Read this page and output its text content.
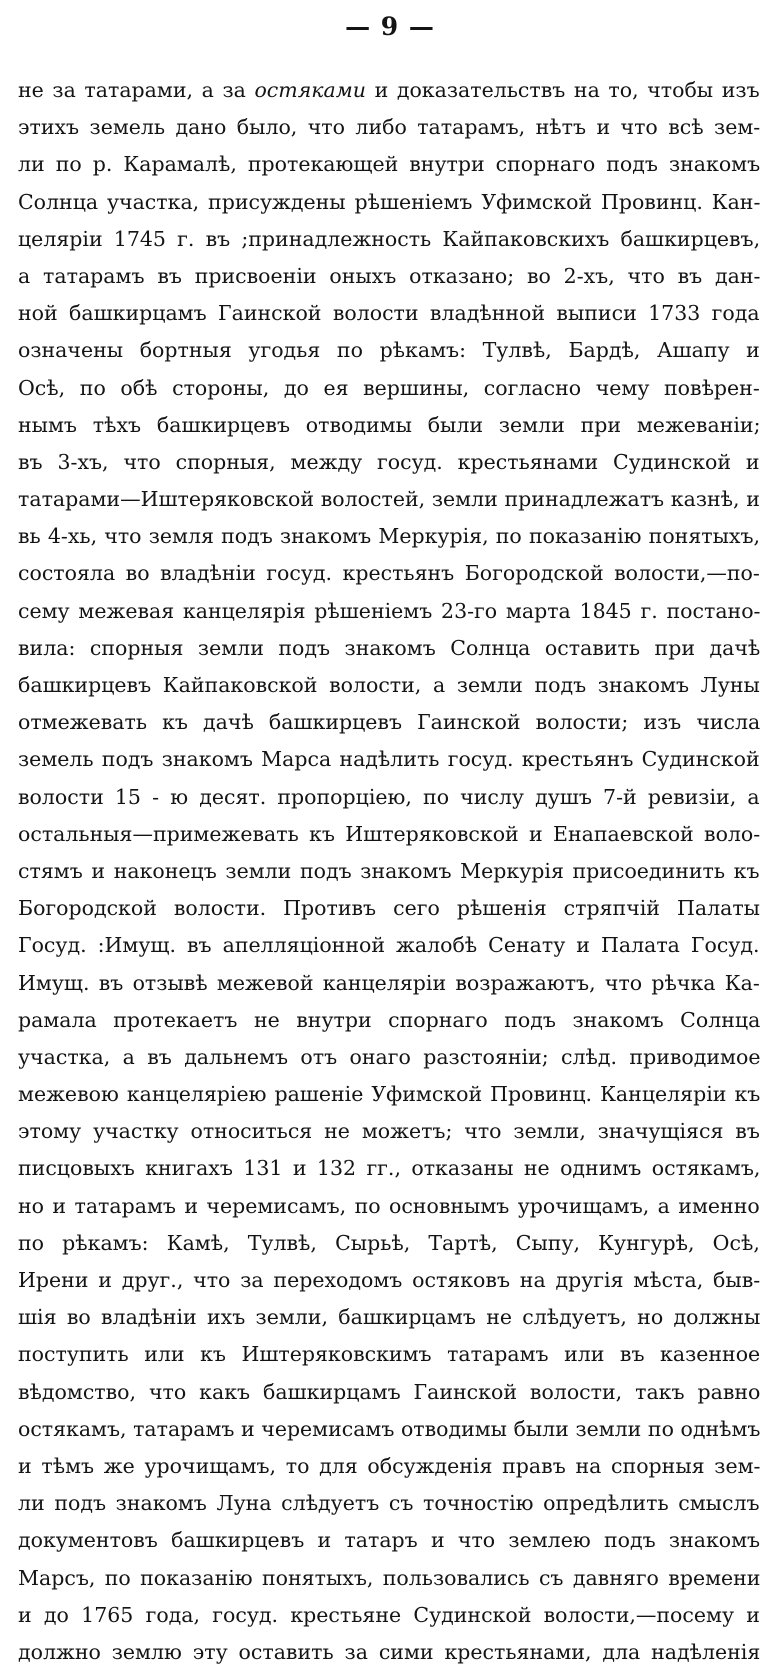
— 9 —
не за татарами, а за остяками и доказательствъ на то, чтобы изъ
этихъ земель дано было, что либо татарамъ, нѣтъ и что всѣ зем-
ли по р. Карамалѣ, протекающей внутри спорнаго подъ знакомъ
Солнца участка, присуждены рѣшеніемъ Уфимской Провинц. Кан-
целяріи 1745 г. въ ;принадлежность Кайпаковскихъ башкирцевъ,
а татарамъ въ присвоеніи оныхъ отказано; во 2-хъ, что въ дан-
ной башкирцамъ Гаинской волости владѣнной выписи 1733 года
означены бортныя угодья по рѣкамъ: Тулвѣ, Бардѣ, Ашапу и
Осѣ, по обѣ стороны, до ея вершины, согласно чему повѣрен-
нымъ тѣхъ башкирцевъ отводимы были земли при межеваніи;
въ 3-хъ, что спорныя, между госуд. крестьянами Судинской и
татарами—Иштеряковской волостей, земли принадлежатъ казнѣ, и
вь 4-хь, что земля подъ знакомъ Меркурія, по показанію понятыхъ,
состояла во владѣніи госуд. крестьянъ Богородской волости,—по-
сему межевая канцелярія рѣшеніемъ 23-го марта 1845 г. постано-
вила: спорныя земли подъ знакомъ Солнца оставить при дачѣ
башкирцевъ Кайпаковской волости, а земли подъ знакомъ Луны
отмежевать къ дачѣ башкирцевъ Гаинской волости; изъ числа
земель подъ знакомъ Марса надѣлить госуд. крестьянъ Судинской
волости 15 - ю десят. пропорціею, по числу душъ 7-й ревизіи, а
остальныя—примежевать къ Иштеряковской и Енапаевской воло-
стямъ и наконецъ земли подъ знакомъ Меркурія присоединить къ
Богородской волости. Противъ сего рѣшенія стряпчій Палаты
Госуд. :Имущ. въ апелляціонной жалобѣ Сенату и Палата Госуд.
Имущ. въ отзывѣ межевой канцеляріи возражаютъ, что рѣчка Ка-
рамала протекаетъ не внутри спорнаго подъ знакомъ Солнца
участка, а въ дальнемъ отъ онаго разстояніи; слѣд. приводимое
межевою канцеляріею рашеніе Уфимской Провинц. Канцеляріи къ
этому участку относиться не можетъ; что земли, значущіяся въ
писцовыхъ книгахъ 131 и 132 гг., отказаны не однимъ остякамъ,
но и татарамъ и черемисамъ, по основнымъ урочищамъ, а именно
по рѣкамъ: Камѣ, Тулвѣ, Сырьѣ, Тартѣ, Сыпу, Кунгурѣ, Осѣ,
Ирени и друг., что за переходомъ остяковъ на другія мѣста, быв-
шія во владѣніи ихъ земли, башкирцамъ не слѣдуетъ, но должны
поступить или къ Иштеряковскимъ татарамъ или въ казенное
вѣдомство, что какъ башкирцамъ Гаинской волости, такъ равно
остякамъ, татарамъ и черемисамъ отводимы были земли по однѣмъ
и тѣмъ же урочищамъ, то для обсужденія правъ на спорныя зем-
ли подъ знакомъ Луна слѣдуетъ съ точностію опредѣлить смыслъ
документовъ башкирцевъ и татаръ и что землею подъ знакомъ
Марсъ, по показанію понятыхъ, пользовались съ давняго времени
и до 1765 года, госуд. крестьяне Судинской волости,—посему и
должно землю эту оставить за сими крестьянами, дла надѣленія
